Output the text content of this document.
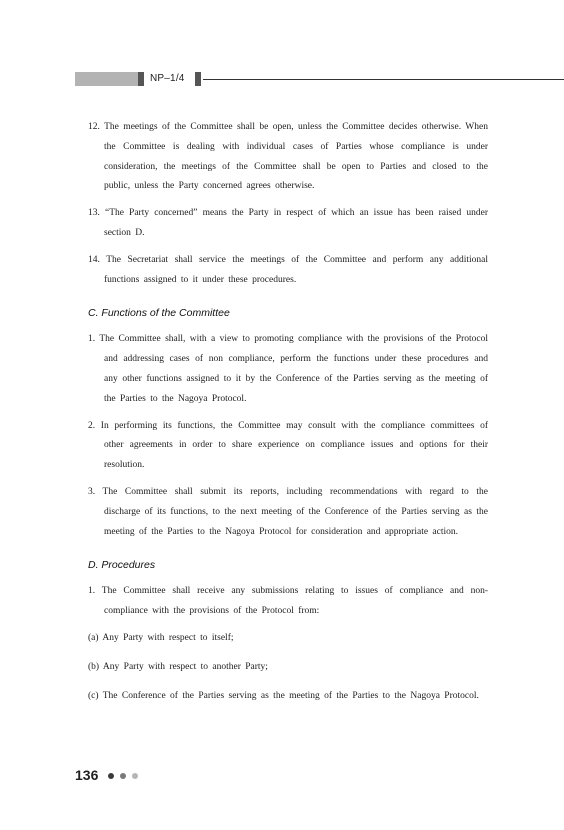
NP–1/4

12. The meetings of the Committee shall be open, unless the Committee decides otherwise. When the Committee is dealing with individual cases of Parties whose compliance is under consideration, the meetings of the Committee shall be open to Parties and closed to the public, unless the Party concerned agrees otherwise.

13. “The Party concerned” means the Party in respect of which an issue has been raised under section D.

14. The Secretariat shall service the meetings of the Committee and perform any additional functions assigned to it under these procedures.

C. Functions of the Committee

1. The Committee shall, with a view to promoting compliance with the provisions of the Protocol and addressing cases of non compliance, perform the functions under these procedures and any other functions assigned to it by the Conference of the Parties serving as the meeting of the Parties to the Nagoya Protocol.

2. In performing its functions, the Committee may consult with the compliance committees of other agreements in order to share experience on compliance issues and options for their resolution.

3. The Committee shall submit its reports, including recommendations with regard to the discharge of its functions, to the next meeting of the Conference of the Parties serving as the meeting of the Parties to the Nagoya Protocol for consideration and appropriate action.

D. Procedures

1. The Committee shall receive any submissions relating to issues of compliance and non-compliance with the provisions of the Protocol from:

(a) Any Party with respect to itself;

(b) Any Party with respect to another Party;

(c) The Conference of the Parties serving as the meeting of the Parties to the Nagoya Protocol.

136
